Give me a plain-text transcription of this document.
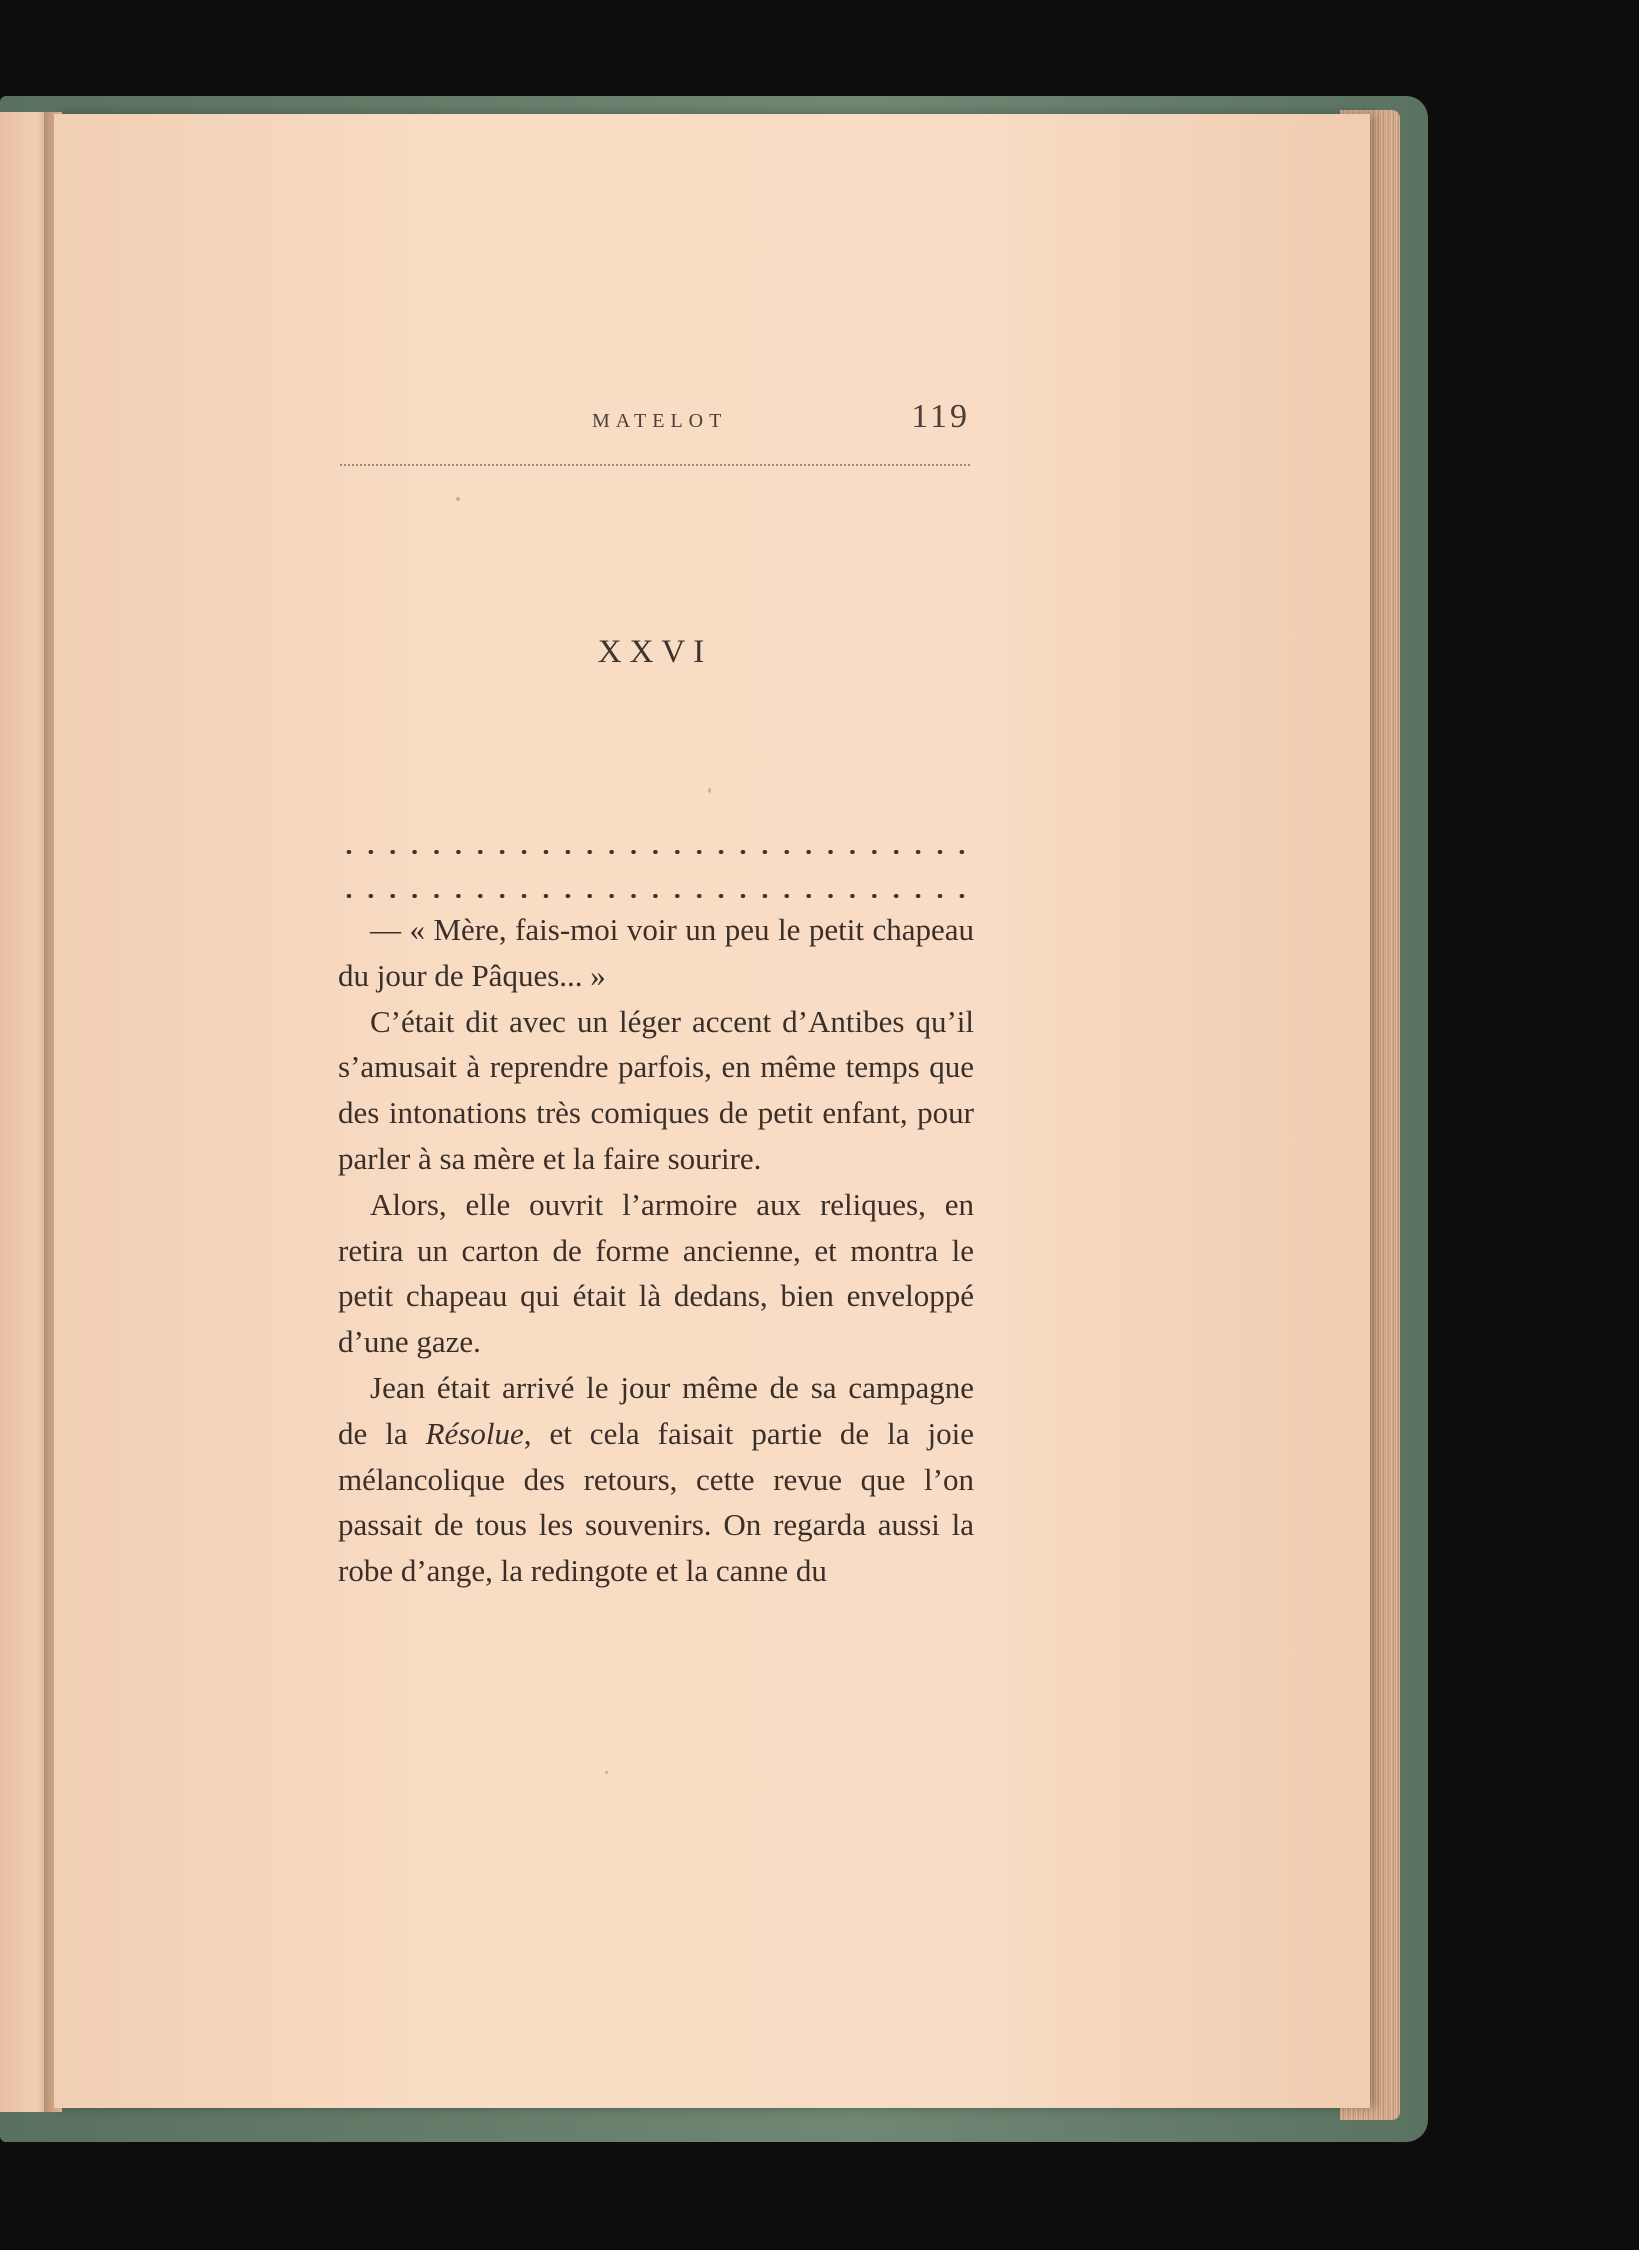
MATELOT	119
XXVI

— « Mère, fais-moi voir un peu le petit chapeau du jour de Pâques... »

C’était dit avec un léger accent d’Antibes qu’il s’amusait à reprendre parfois, en même temps que des intonations très comiques de petit enfant, pour parler à sa mère et la faire sourire.

Alors, elle ouvrit l’armoire aux reliques, en retira un carton de forme ancienne, et montra le petit chapeau qui était là dedans, bien enveloppé d’une gaze.

Jean était arrivé le jour même de sa campagne de la Résolue, et cela faisait partie de la joie mélancolique des retours, cette revue que l’on passait de tous les souvenirs. On regarda aussi la robe d’ange, la redingote et la canne du
